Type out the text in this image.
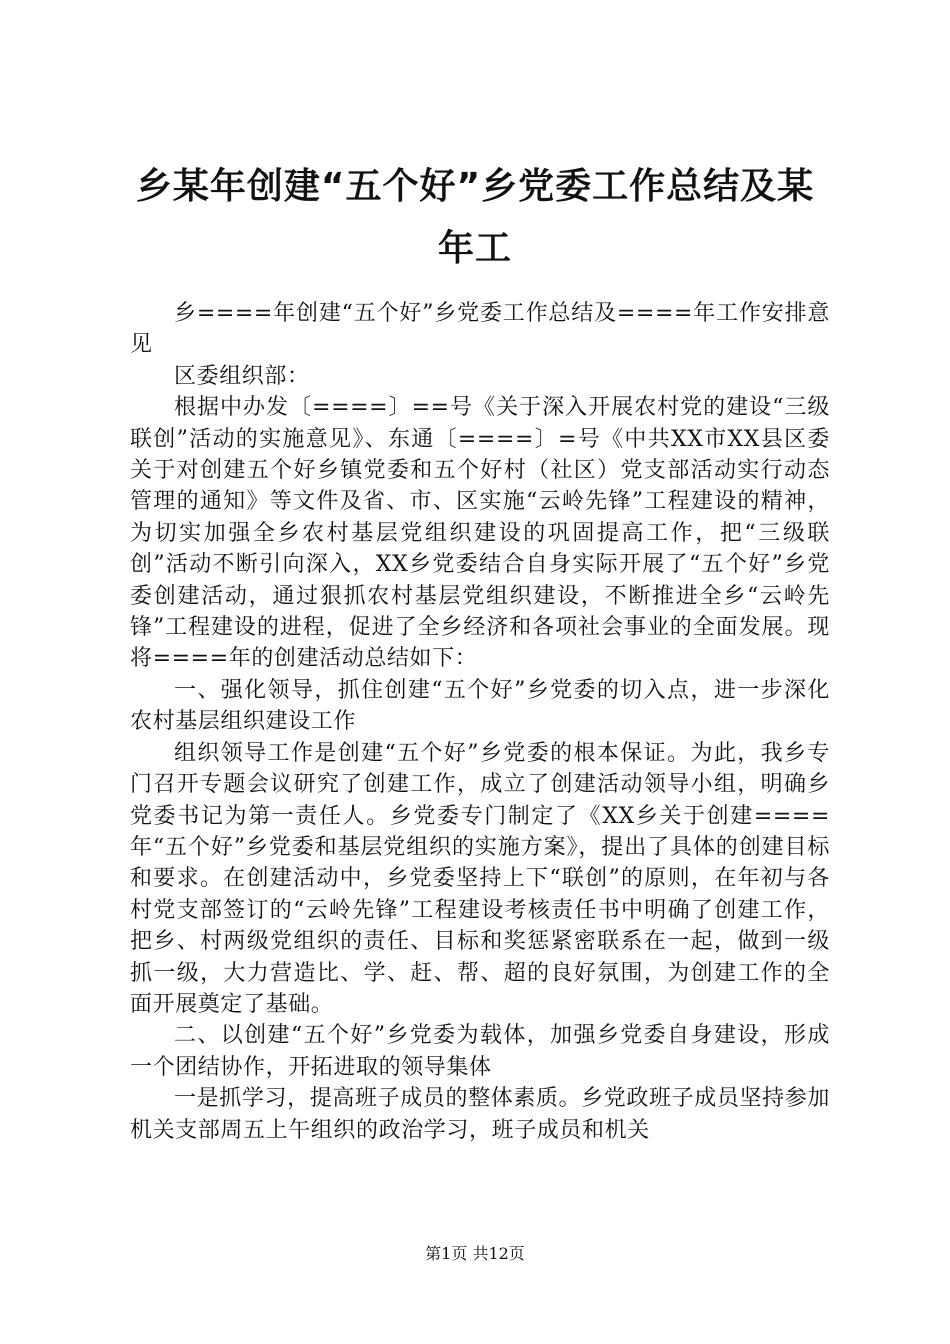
乡某年创建“五个好”乡党委工作总结及某年工

乡====年创建“五个好”乡党委工作总结及====年工作安排意见

区委组织部：

根据中办发〔====〕==号《关于深入开展农村党的建设“三级联创”活动的实施意见》、东通〔====〕=号《中共XX市XX县区委关于对创建五个好乡镇党委和五个好村（社区）党支部活动实行动态管理的通知》等文件及省、市、区实施“云岭先锋”工程建设的精神，为切实加强全乡农村基层党组织建设的巩固提高工作，把“三级联创”活动不断引向深入，XX乡党委结合自身实际开展了“五个好”乡党委创建活动，通过狠抓农村基层党组织建设，不断推进全乡“云岭先锋”工程建设的进程，促进了全乡经济和各项社会事业的全面发展。现将====年的创建活动总结如下：

一、强化领导，抓住创建“五个好”乡党委的切入点，进一步深化农村基层组织建设工作

组织领导工作是创建“五个好”乡党委的根本保证。为此，我乡专门召开专题会议研究了创建工作，成立了创建活动领导小组，明确乡党委书记为第一责任人。乡党委专门制定了《XX乡关于创建====年“五个好”乡党委和基层党组织的实施方案》，提出了具体的创建目标和要求。在创建活动中，乡党委坚持上下“联创”的原则，在年初与各村党支部签订的“云岭先锋”工程建设考核责任书中明确了创建工作，把乡、村两级党组织的责任、目标和奖惩紧密联系在一起，做到一级抓一级，大力营造比、学、赶、帮、超的良好氛围，为创建工作的全面开展奠定了基础。

二、以创建“五个好”乡党委为载体，加强乡党委自身建设，形成一个团结协作，开拓进取的领导集体

一是抓学习，提高班子成员的整体素质。乡党政班子成员坚持参加机关支部周五上午组织的政治学习，班子成员和机关

第1页 共12页
